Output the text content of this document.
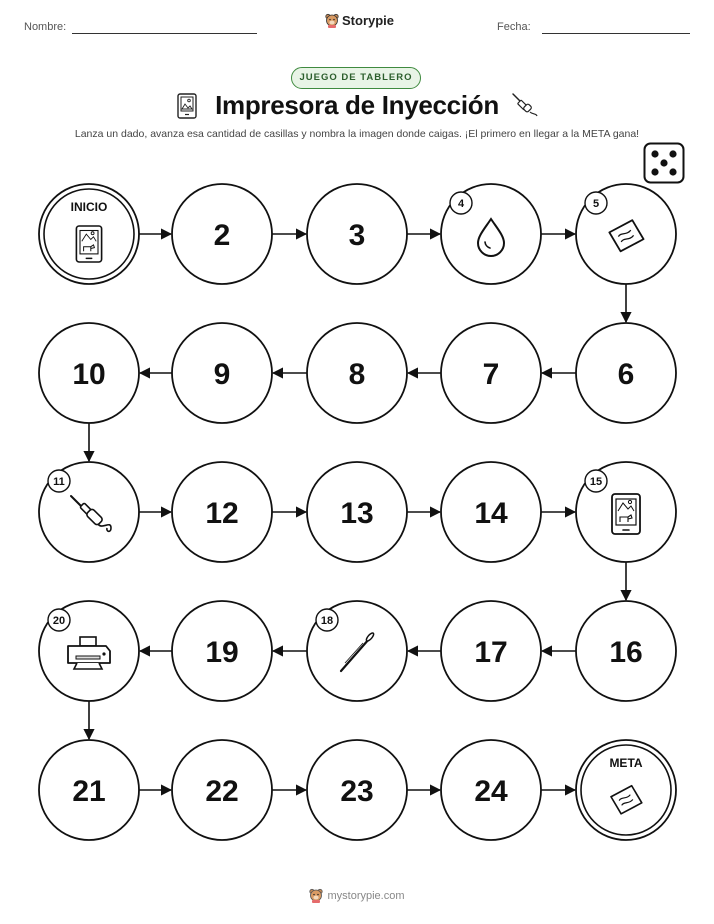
Nombre:	Storypie	Fecha:
JUEGO DE TABLERO
Impresora de Inyección
Lanza un dado, avanza esa cantidad de casillas y nombra la imagen donde caigas. ¡El primero en llegar a la META gana!
INICIO
2	3
4	5
6
7
8
9
10
11
12	13	14
15
16
17
18
19
20
21	22	23	24
META
mystorypie.com
